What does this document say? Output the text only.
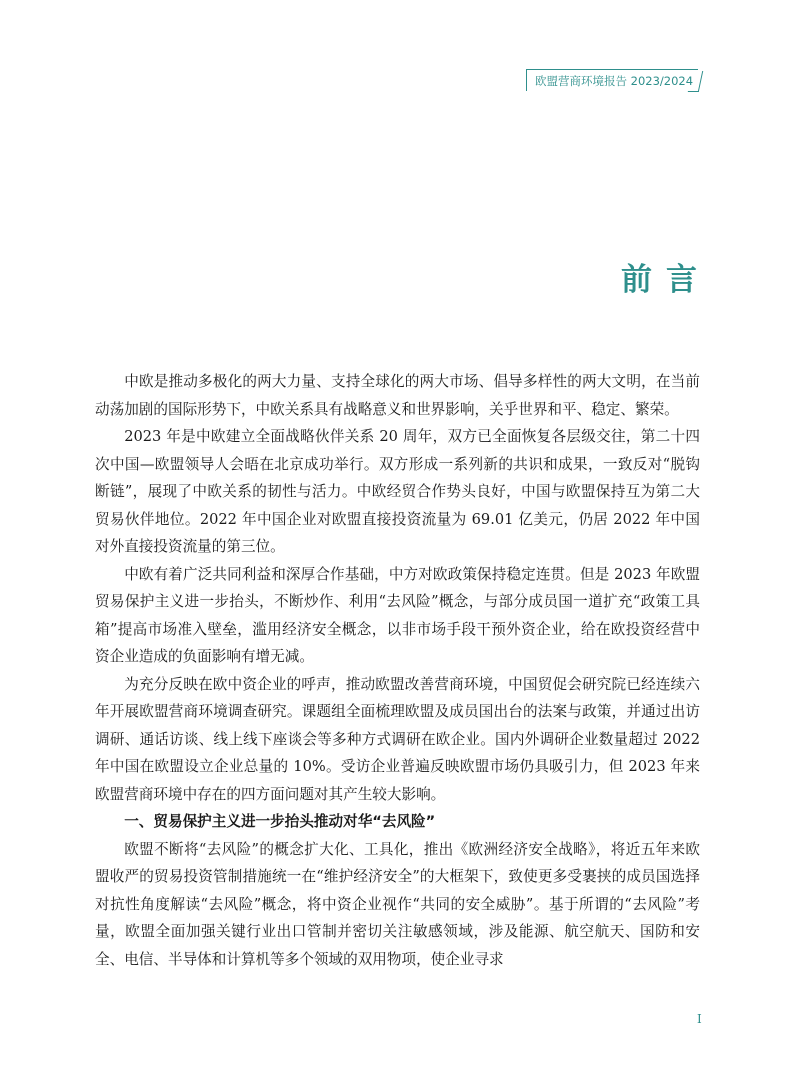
欧盟营商环境报告 2023/2024
前言

中欧是推动多极化的两大力量、支持全球化的两大市场、倡导多样性的两大文明，在当前动荡加剧的国际形势下，中欧关系具有战略意义和世界影响，关乎世界和平、稳定、繁荣。

2023 年是中欧建立全面战略伙伴关系 20 周年，双方已全面恢复各层级交往，第二十四次中国—欧盟领导人会晤在北京成功举行。双方形成一系列新的共识和成果，一致反对“脱钩断链”，展现了中欧关系的韧性与活力。中欧经贸合作势头良好，中国与欧盟保持互为第二大贸易伙伴地位。2022 年中国企业对欧盟直接投资流量为 69.01 亿美元，仍居 2022 年中国对外直接投资流量的第三位。

中欧有着广泛共同利益和深厚合作基础，中方对欧政策保持稳定连贯。但是 2023 年欧盟贸易保护主义进一步抬头，不断炒作、利用“去风险”概念，与部分成员国一道扩充“政策工具箱”提高市场准入壁垒，滥用经济安全概念，以非市场手段干预外资企业，给在欧投资经营中资企业造成的负面影响有增无减。

为充分反映在欧中资企业的呼声，推动欧盟改善营商环境，中国贸促会研究院已经连续六年开展欧盟营商环境调查研究。课题组全面梳理欧盟及成员国出台的法案与政策，并通过出访调研、通话访谈、线上线下座谈会等多种方式调研在欧企业。国内外调研企业数量超过 2022 年中国在欧盟设立企业总量的 10%。受访企业普遍反映欧盟市场仍具吸引力，但 2023 年来欧盟营商环境中存在的四方面问题对其产生较大影响。

一、贸易保护主义进一步抬头推动对华“去风险”

欧盟不断将“去风险”的概念扩大化、工具化，推出《欧洲经济安全战略》，将近五年来欧盟收严的贸易投资管制措施统一在“维护经济安全”的大框架下，致使更多受裹挟的成员国选择对抗性角度解读“去风险”概念，将中资企业视作“共同的安全威胁”。基于所谓的“去风险”考量，欧盟全面加强关键行业出口管制并密切关注敏感领域，涉及能源、航空航天、国防和安全、电信、半导体和计算机等多个领域的双用物项，使企业寻求

I
